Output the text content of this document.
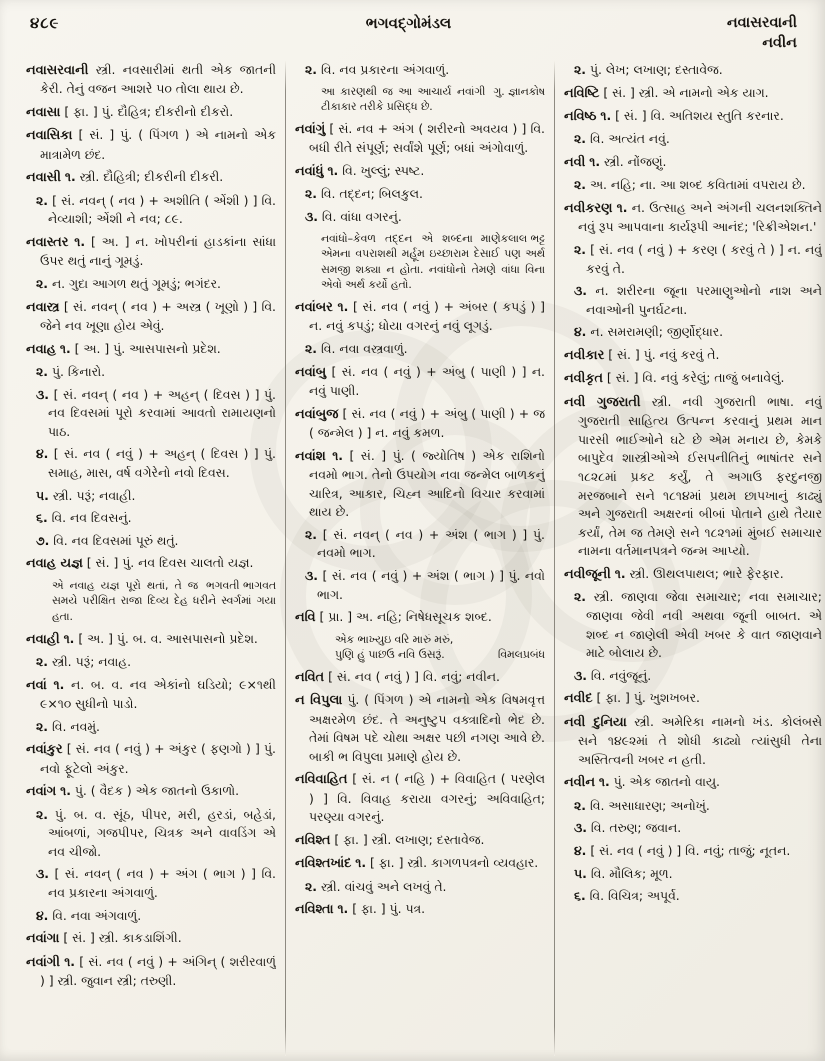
૪૮૯	ભગવદ્ગોમંડલ	નવાસરવાની
નવીન
નવાસરવાની સ્ત્રી. નવસારીમાં થતી એક જાતની કેરી. તેનું વજન આશરે ૫૦ તોલા થાય છે.
નવાસા [ ફા. ] પું. દૌહિત્ર; દીકરીનો દીકરો.
નવાસિકા [ સં. ] પું. ( પિંગળ ) એ નામનો એક માત્રામેળ છંદ.
નવાસી ૧. સ્ત્રી. દૌહિત્રી; દીકરીની દીકરી.
૨. [ સં. નવન્ ( નવ ) + અશીતિ ( એંશી ) ] વિ. નેવ્યાશી; એંશી ને નવ; ૮૯.
નવાસ્તર ૧. [ અ. ] ન. ખોપરીનાં હાડકાંના સાંધા ઉપર થતું નાનું ગૂમડું.
૨. ન. ગુદા આગળ થતું ગૂમડું; ભગંદર.
નવાસ્ત્ર [ સં. નવન્ ( નવ ) + અસ્ત્ર ( ખૂણો ) ] વિ. જેને નવ ખૂણા હોય એવું.
નવાહ ૧. [ અ. ] પું. આસપાસનો પ્રદેશ.
૨. પું. કિનારો.
૩. [ સં. નવન્ ( નવ ) + અહન્ ( દિવસ ) ] પું. નવ દિવસમાં પૂરો કરવામાં આવતો રામાયણનો પાઠ.
૪. [ સં. નવ ( નવું ) + અહન્ ( દિવસ ) ] પું. સમાહ, માસ, વર્ષ વગેરેનો નવો દિવસ.
૫. સ્ત્રી. પરૂં; નવાહી.
૬. વિ. નવ દિવસનું.
૭. વિ. નવ દિવસમાં પૂરું થતું.
નવાહ યજ્ઞ [ સં. ] પું. નવ દિવસ ચાલતો યજ્ઞ.
ભગવતી ભાગવત
એ નવાહ યજ્ઞ પૂરો થતાં, તે જ સમયે પરીક્ષિત રાજા દિવ્ય દેહ ધરીને સ્વર્ગમાં ગયા હતા.
નવાહી ૧. [ અ. ] પું. બ. વ. આસપાસનો પ્રદેશ.
૨. સ્ત્રી. પરૂં; નવાહ.
નવાં ૧. ન. બ. વ. નવ એકાંનો ઘડિયો; ૯×૧થી ૯×૧૦ સુધીનો પાડો.
૨. વિ. નવમું.
નવાંકુર [ સં. નવ ( નવું ) + અંકુર ( ફણગો ) ] પું. નવો ફૂટેલો અંકુર.
નવાંગ ૧. પું. ( વૈદક ) એક જાતનો ઉકાળો.
૨. પું. બ. વ. સૂંઠ, પીપર, મરી, હરડાં, બહેડાં, આંબળાં, ગજપીપર, ચિત્રક અને વાવડિંગ એ નવ ચીજો.
૩. [ સં. નવન્ ( નવ ) + અંગ ( ભાગ ) ] વિ. નવ પ્રકારના અંગવાળું.
૪. વિ. નવા અંગવાળું.
નવાંગા [ સં. ] સ્ત્રી. કાકડાશિંગી.
નવાંગી ૧. [ સં. નવ ( નવું ) + અંગિન્ ( શરીરવાળું ) ] સ્ત્રી. જુવાન સ્ત્રી; તરુણી.
૨. વિ. નવ પ્રકારના અંગવાળું.
ગુ. જ્ઞાનકોષ
આ કારણથી જ આ આચાર્ય નવાંગી ટીકાકાર તરીકે પ્રસિદ્ધ છે.
નવાંગું [ સં. નવ + અંગ ( શરીરનો અવયવ ) ] વિ. બધી રીતે સંપૂર્ણ; સર્વાંશે પૂર્ણ; બધાં અંગોવાળું.
નવાંધું ૧. વિ. ખુલ્લું; સ્પષ્ટ.
૨. વિ. તદ્દન; બિલકુલ.
૩. વિ. વાંધા વગરનું.
માણેકલાલ ભટ્ટ
નવાંધો–કેવળ તદ્દન એ શબ્દના એમના વપરાશથી મર્હૂમ ઇચ્છારામ દેસાઈ પણ અર્થ સમજી શક્યા ન હોતા. નવાંધોનો તેમણે વાંધા વિના એવો અર્થ કર્યો હતો.
નવાંબર ૧. [ સં. નવ ( નવું ) + અંબર ( કપડું ) ] ન. નવું કપડું; ધોયા વગરનું નવું લૂગડું.
૨. વિ. નવા વસ્ત્રવાળું.
નવાંબુ [ સં. નવ ( નવું ) + અંબુ ( પાણી ) ] ન. નવું પાણી.
નવાંબુજ [ સં. નવ ( નવું ) + અંબુ ( પાણી ) + જ ( જન્મેલ ) ] ન. નવું કમળ.
નવાંશ ૧. [ સં. ] પું. ( જ્યોતિષ ) એક રાશિનો નવમો ભાગ. તેનો ઉપયોગ નવા જન્મેલ બાળકનું ચારિત્ર, આકાર, ચિહ્ન આદિનો વિચાર કરવામાં થાય છે.
૨. [ સં. નવન્ ( નવ ) + અંશ ( ભાગ ) ] પું. નવમો ભાગ.
૩. [ સં. નવ ( નવું ) + અંશ ( ભાગ ) ] પું. નવો ભાગ.
નવિ [ પ્રા. ] અ. નહિ; નિષેધસૂચક શબ્દ.
એક ભાખ્યુઇ વરિ મારું મરું,
વિમલપ્રબંધ
પુણિ હું પાછઉ નવિ ઉસરૂં.
નવિત [ સં. નવ ( નવું ) ] વિ. નવું; નવીન.
ન વિપુલા પું. ( પિંગળ ) એ નામનો એક વિષમવૃત્ત અક્ષરમેળ છંદ. તે અનુષ્ટુપ વક્ત્રાદિનો ભેદ છે. તેમાં વિષમ પદે ચોથા અક્ષર પછી નગણ આવે છે. બાકી ભ વિપુલા પ્રમાણે હોય છે.
નવિવાહિત [ સં. ન ( નહિ ) + વિવાહિત ( પરણેલ ) ] વિ. વિવાહ કરાયા વગરનું; અવિવાહિત; પરણ્યા વગરનું.
નવિશ્ત [ ફા. ] સ્ત્રી. લખાણ; દસ્તાવેજ.
નવિશ્તખાંદ ૧. [ ફા. ] સ્ત્રી. કાગળપત્રનો વ્યવહાર.
૨. સ્ત્રી. વાંચવું અને લખવું તે.
નવિશ્તા ૧. [ ફા. ] પું. પત્ર.
૨. પું. લેખ; લખાણ; દસ્તાવેજ.
નવિષ્ટિ [ સં. ] સ્ત્રી. એ નામનો એક યાગ.
નવિષ્ઠ ૧. [ સં. ] વિ. અતિશય સ્તુતિ કરનાર.
૨. વિ. અત્યંત નવું.
નવી ૧. સ્ત્રી. નોંજણું.
૨. અ. નહિ; ના. આ શબ્દ કવિતામાં વપરાય છે.
નવીકરણ ૧. ન. ઉત્સાહ અને અંગની ચલનશક્તિને નવું રૂપ આપવાના કાર્યરૂપી આનંદ; 'રિક્રીએશન.'
૨. [ સં. નવ ( નવું ) + કરણ ( કરવું તે ) ] ન. નવું કરવું તે.
૩. ન. શરીરના જૂના પરમાણુઓનો નાશ અને નવાઓની પુનર્ઘટના.
૪. ન. સમરામણી; જીર્ણોદ્ધાર.
નવીકાર [ સં. ] પું. નવું કરવું તે.
નવીકૃત [ સં. ] વિ. નવું કરેલું; તાજું બનાવેલું.
નવી ગુજરાતી સ્ત્રી. નવી ગુજરાતી ભાષા. નવું ગુજરાતી સાહિત્ય ઉત્પન્ન કરવાનું પ્રથમ માન પારસી ભાઈઓને ઘટે છે એમ મનાય છે, કેમકે બાપુદેવ શાસ્ત્રીઓએ ઈસપનીતિનું ભાષાંતર સને ૧૮૨૮માં પ્રકટ કર્યું, તે અગાઉ ફરદુનજી મરજબાને સને ૧૮૧૪માં પ્રથમ છાપખાનું કાઢ્યું અને ગુજરાતી અક્ષરનાં બીબાં પોતાને હાથે તૈયાર કર્યાં, તેમ જ તેમણે સને ૧૮૨૧માં મુંબઈ સમાચાર નામના વર્તમાનપત્રને જન્મ આપ્યો.
નવીજૂની ૧. સ્ત્રી. ઊથલપાથલ; ભારે ફેરફાર.
૨. સ્ત્રી. જાણવા જેવા સમાચાર; નવા સમાચાર; જાણવા જેવી નવી અથવા જૂની બાબત. એ શબ્દ ન જાણેલી એવી ખબર કે વાત જાણવાને માટે બોલાય છે.
૩. વિ. નવુંજૂનું.
નવીદ [ ફા. ] પું. ખુશખબર.
નવી દુનિયા સ્ત્રી. અમેરિકા નામનો ખંડ. કોલંબસે સને ૧૪૯૨માં તે શોધી કાઢ્યો ત્યાંસુધી તેના અસ્તિત્વની ખબર ન હતી.
નવીન ૧. પું. એક જાતનો વાયુ.
૨. વિ. અસાધારણ; અનોખું.
૩. વિ. તરુણ; જવાન.
૪. [ સં. નવ ( નવું ) ] વિ. નવું; તાજું; નૂતન.
૫. વિ. મૌલિક; મૂળ.
૬. વિ. વિચિત્ર; અપૂર્વ.
